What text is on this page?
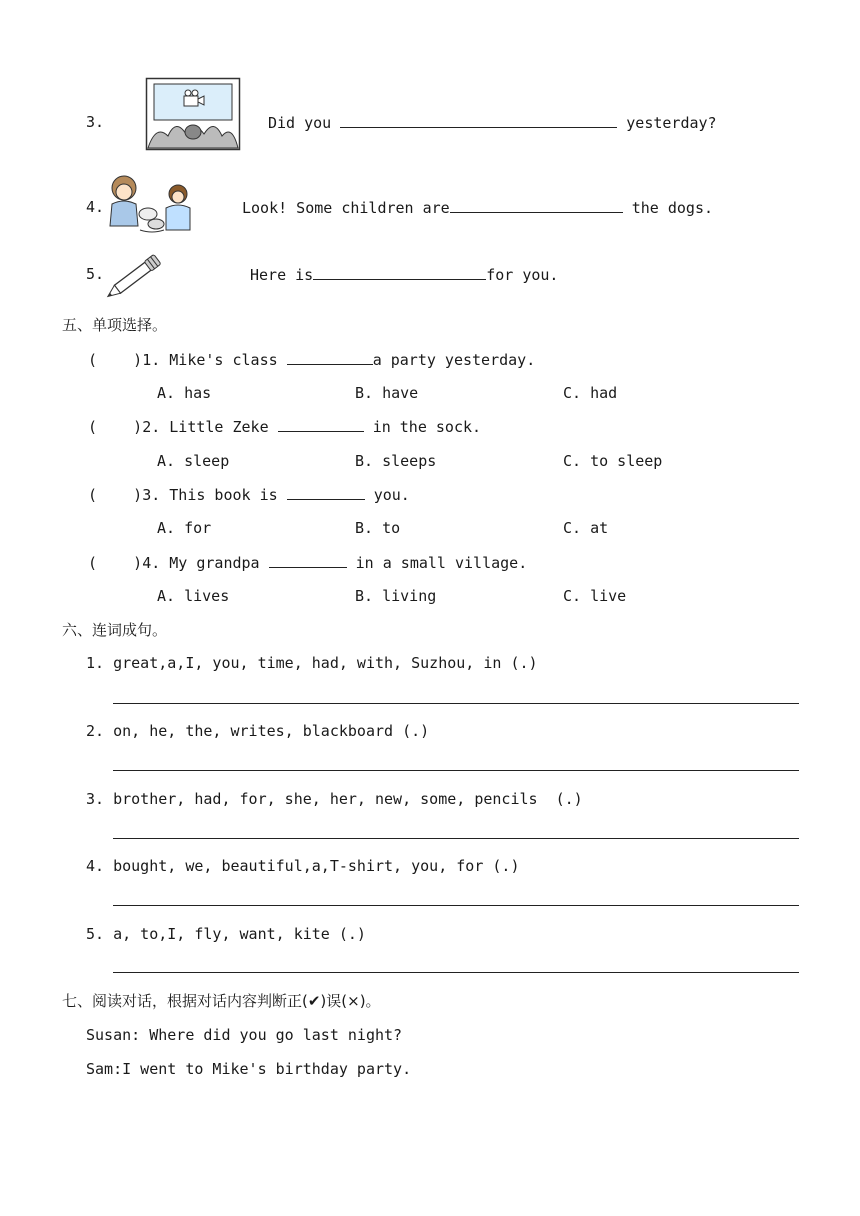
3.	Did you	yesterday?
4.	Look! Some children are	the dogs.
5.	Here is	for you.
五、单项选择。
(    )1. Mike's class	a party yesterday.
A. has	B. have	C. had
(    )2. Little Zeke	in the sock.
A. sleep	B. sleeps	C. to sleep
(    )3. This book is	you.
A. for	B. to	C. at
(    )4. My grandpa	in a small village.
A. lives	B. living	C. live
六、连词成句。
1. great,a,I, you, time, had, with, Suzhou, in (.)
2. on, he, the, writes, blackboard (.)
3. brother, had, for, she, her, new, some, pencils  (.)
4. bought, we, beautiful,a,T-shirt, you, for (.)
5. a, to,I, fly, want, kite (.)
七、阅读对话，根据对话内容判断正(✔)误(×)。
Susan: Where did you go last night?
Sam:I went to Mike's birthday party.
